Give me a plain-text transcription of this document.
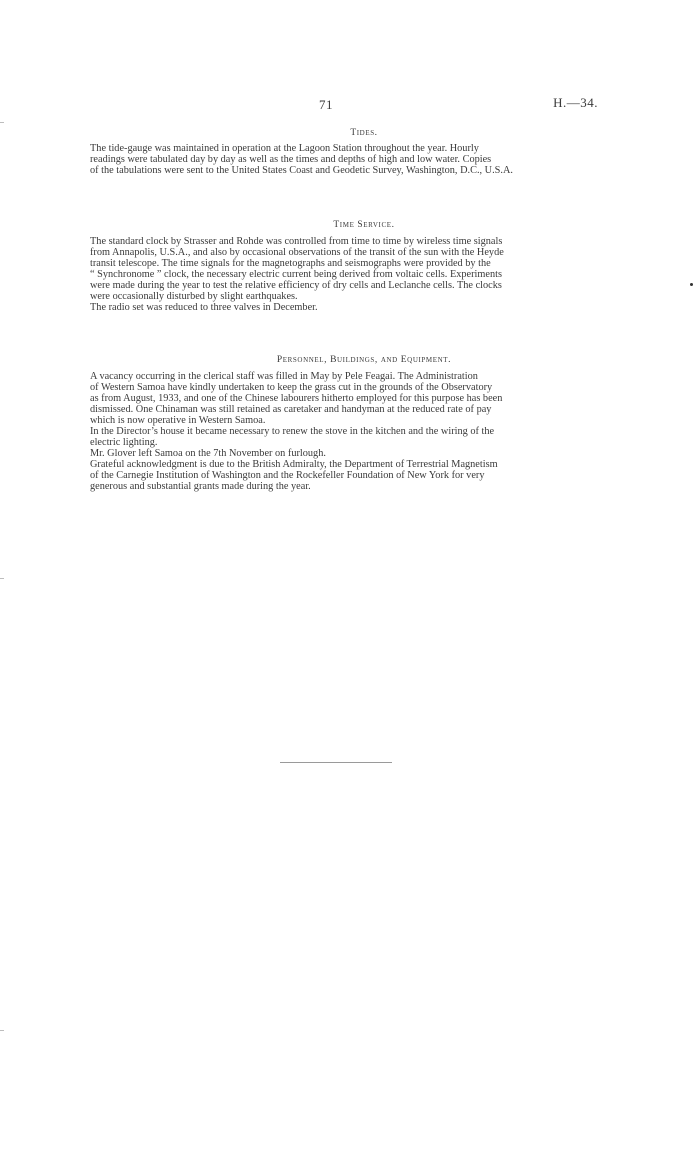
71	H.—34.
Tides.

The tide-gauge was maintained in operation at the Lagoon Station throughout the year. Hourly
readings were tabulated day by day as well as the times and depths of high and low water. Copies
of the tabulations were sent to the United States Coast and Geodetic Survey, Washington, D.C., U.S.A.

Time Service.

The standard clock by Strasser and Rohde was controlled from time to time by wireless time signals
from Annapolis, U.S.A., and also by occasional observations of the transit of the sun with the Heyde
transit telescope. The time signals for the magnetographs and seismographs were provided by the
“ Synchronome ” clock, the necessary electric current being derived from voltaic cells. Experiments
were made during the year to test the relative efficiency of dry cells and Leclanche cells. The clocks
were occasionally disturbed by slight earthquakes.

The radio set was reduced to three valves in December.

Personnel, Buildings, and Equipment.

A vacancy occurring in the clerical staff was filled in May by Pele Feagai. The Administration
of Western Samoa have kindly undertaken to keep the grass cut in the grounds of the Observatory
as from August, 1933, and one of the Chinese labourers hitherto employed for this purpose has been
dismissed. One Chinaman was still retained as caretaker and handyman at the reduced rate of pay
which is now operative in Western Samoa.

In the Director’s house it became necessary to renew the stove in the kitchen and the wiring of the
electric lighting.

Mr. Glover left Samoa on the 7th November on furlough.

Grateful acknowledgment is due to the British Admiralty, the Department of Terrestrial Magnetism
of the Carnegie Institution of Washington and the Rockefeller Foundation of New York for very
generous and substantial grants made during the year.
